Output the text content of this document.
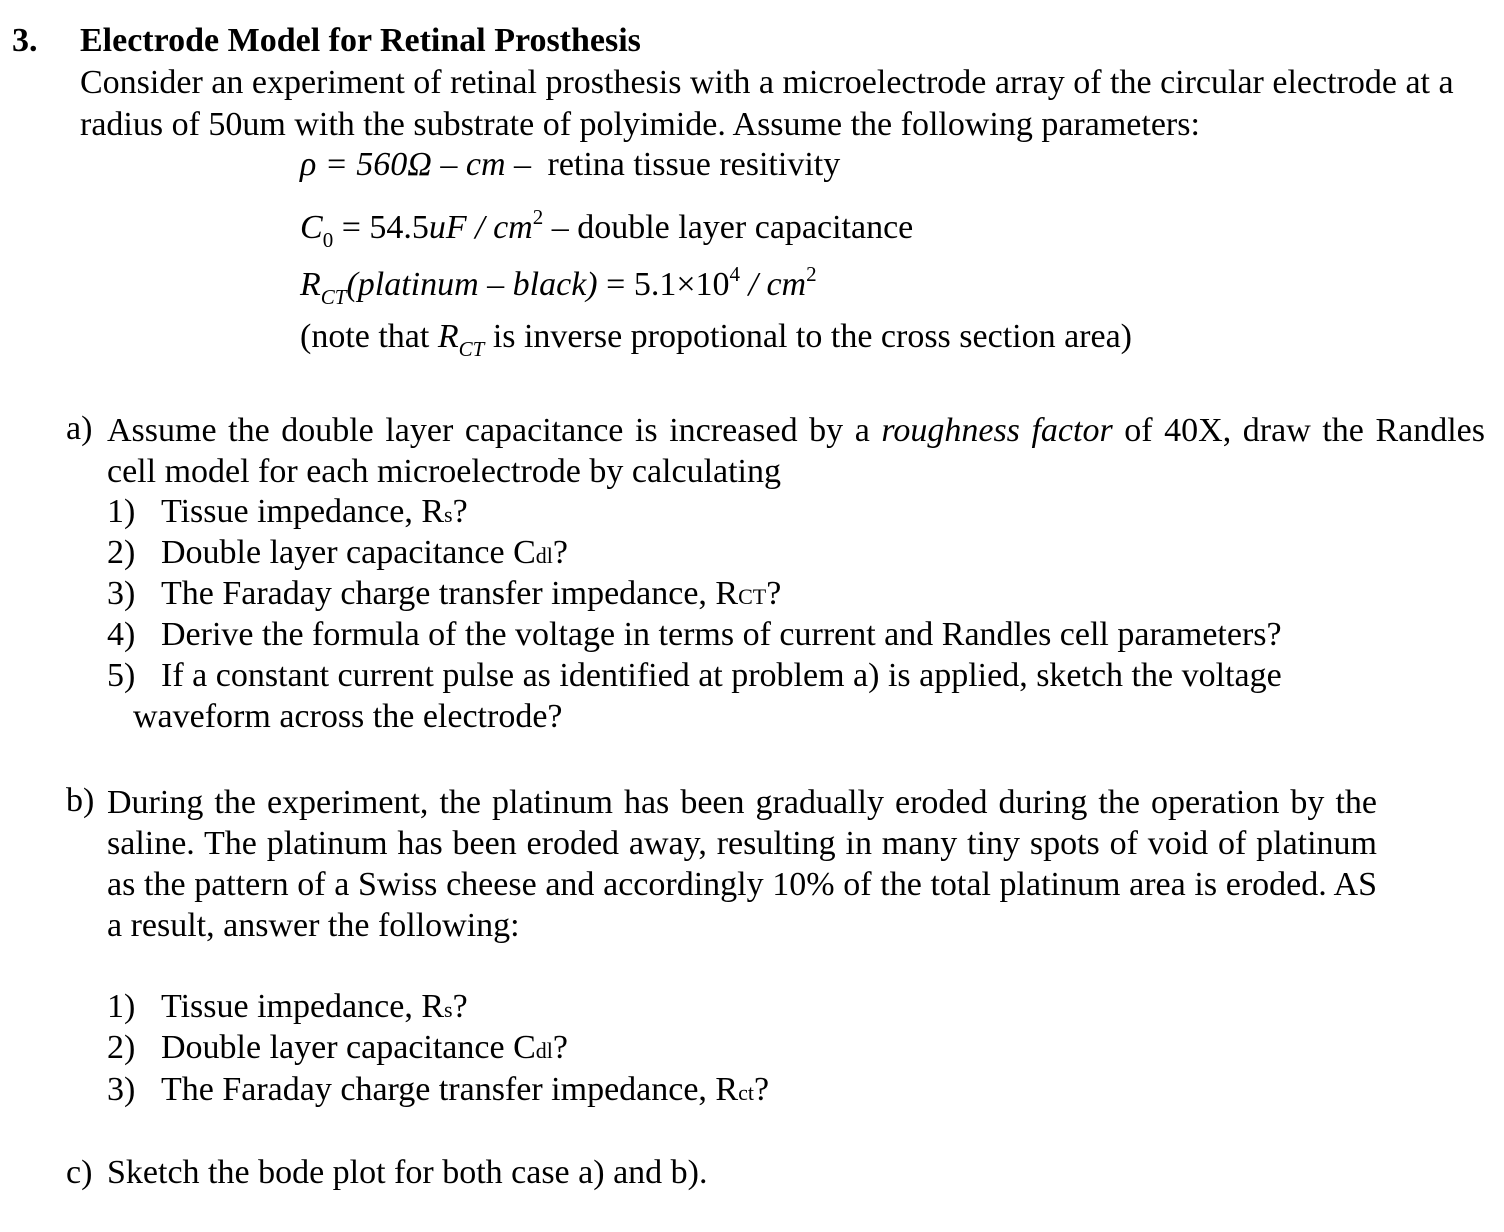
3. Electrode Model for Retinal Prosthesis
Consider an experiment of retinal prosthesis with a microelectrode array of the circular electrode at a radius of 50um with the substrate of polyimide. Assume the following parameters:
ρ = 560Ω – cm – retina tissue resitivity
$C_0 = 54.5uF / cm^2$ – double layer capacitance
$R_{CT}(platinum$ – black) = $5.1\times 10^4 / cm^2$
(note that $R_{CT}$ is inverse propotional to the cross section area)
a) Assume the double layer capacitance is increased by a roughness factor of 40X, draw the Randles cell model for each microelectrode by calculating
1) Tissue impedance, Rs?
2) Double layer capacitance Cdl?
3) The Faraday charge transfer impedance, RCT?
4) Derive the formula of the voltage in terms of current and Randles cell parameters?
5) If a constant current pulse as identified at problem a) is applied, sketch the voltage
waveform across the electrode?
b) During the experiment, the platinum has been gradually eroded during the operation by the saline. The platinum has been eroded away, resulting in many tiny spots of void of platinum as the pattern of a Swiss cheese and accordingly 10% of the total platinum area is eroded. AS a result, answer the following:
1) Tissue impedance, Rs?
2) Double layer capacitance Cdl?
3) The Faraday charge transfer impedance, Rct?
c) Sketch the bode plot for both case a) and b).
